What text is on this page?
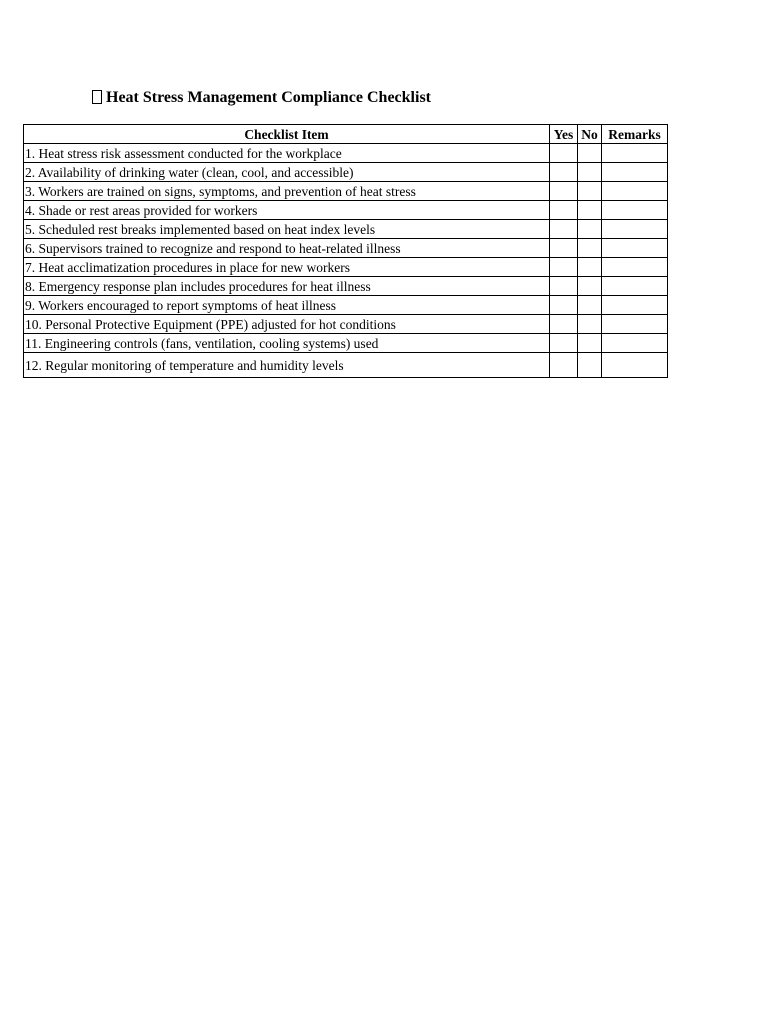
Heat Stress Management Compliance Checklist
Checklist Item	Yes	No	Remarks
1. Heat stress risk assessment conducted for the workplace			
2. Availability of drinking water (clean, cool, and accessible)			
3. Workers are trained on signs, symptoms, and prevention of heat stress			
4. Shade or rest areas provided for workers			
5. Scheduled rest breaks implemented based on heat index levels			
6. Supervisors trained to recognize and respond to heat-related illness			
7. Heat acclimatization procedures in place for new workers			
8. Emergency response plan includes procedures for heat illness			
9. Workers encouraged to report symptoms of heat illness			
10. Personal Protective Equipment (PPE) adjusted for hot conditions			
11. Engineering controls (fans, ventilation, cooling systems) used			
12. Regular monitoring of temperature and humidity levels			
